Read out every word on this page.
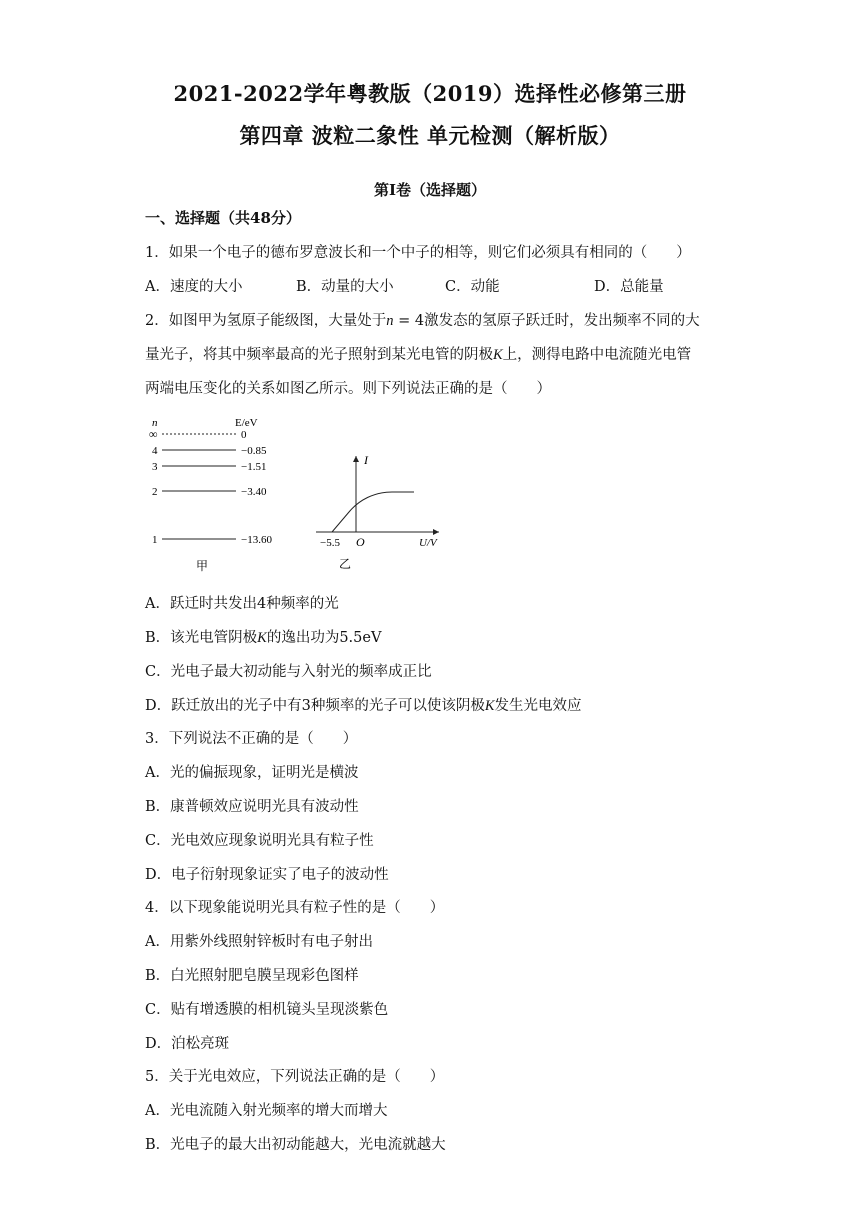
2021-2022学年粤教版（2019）选择性必修第三册
第四章 波粒二象性 单元检测（解析版）
第Ⅰ卷（选择题）
一、选择题（共48分）
1．如果一个电子的德布罗意波长和一个中子的相等，则它们必须具有相同的（　　）
A．速度的大小	B．动量的大小	C．动能	D．总能量
2．如图甲为氢原子能级图，大量处于n = 4激发态的氢原子跃迁时，发出频率不同的大
量光子，将其中频率最高的光子照射到某光电管的阴极K上，测得电路中电流随光电管
两端电压变化的关系如图乙所示。则下列说法正确的是（　　）
n	E/eV
∞	0
4	−0.85
3	−1.51
2	−3.40
1	−13.60
甲
I
−5.5 O	U/V
乙
A．跃迁时共发出4种频率的光
B．该光电管阴极K的逸出功为5.5eV
C．光电子最大初动能与入射光的频率成正比
D．跃迁放出的光子中有3种频率的光子可以使该阴极K发生光电效应
3．下列说法不正确的是（　　）
A．光的偏振现象，证明光是横波
B．康普顿效应说明光具有波动性
C．光电效应现象说明光具有粒子性
D．电子衍射现象证实了电子的波动性
4．以下现象能说明光具有粒子性的是（　　）
A．用紫外线照射锌板时有电子射出
B．白光照射肥皂膜呈现彩色图样
C．贴有增透膜的相机镜头呈现淡紫色
D．泊松亮斑
5．关于光电效应，下列说法正确的是（　　）
A．光电流随入射光频率的增大而增大
B．光电子的最大出初动能越大，光电流就越大
